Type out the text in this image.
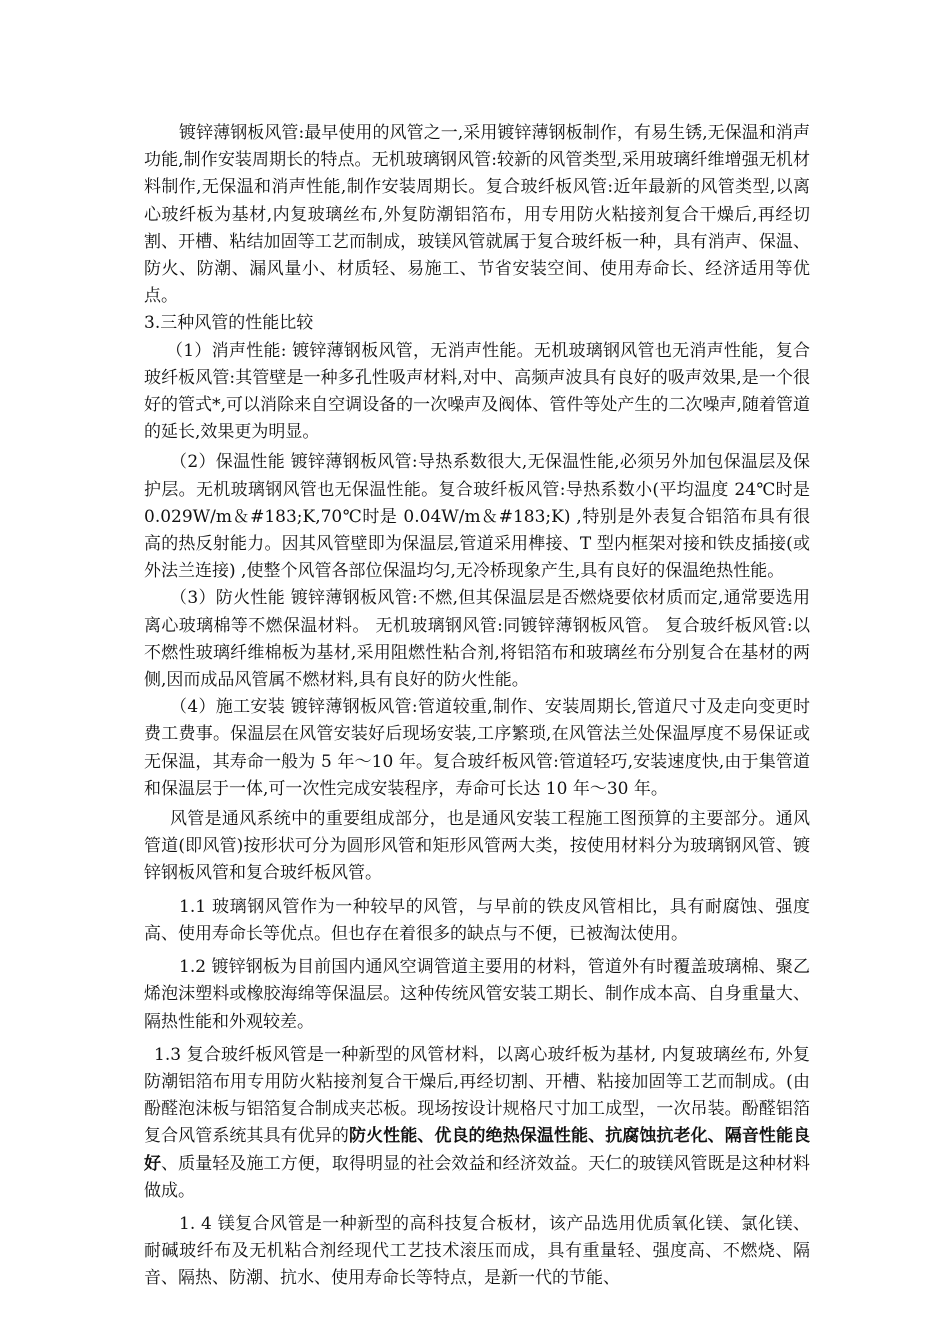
镀锌薄钢板风管:最早使用的风管之一,采用镀锌薄钢板制作，有易生锈,无保温和消声功能,制作安装周期长的特点。无机玻璃钢风管:较新的风管类型,采用玻璃纤维增强无机材料制作,无保温和消声性能,制作安装周期长。复合玻纤板风管:近年最新的风管类型,以离心玻纤板为基材,内复玻璃丝布,外复防潮铝箔布，用专用防火粘接剂复合干燥后,再经切割、开槽、粘结加固等工艺而制成，玻镁风管就属于复合玻纤板一种，具有消声、保温、防火、防潮、漏风量小、材质轻、易施工、节省安装空间、使用寿命长、经济适用等优点。

3.三种风管的性能比较

（1）消声性能: 镀锌薄钢板风管，无消声性能。无机玻璃钢风管也无消声性能，复合玻纤板风管:其管壁是一种多孔性吸声材料,对中、高频声波具有良好的吸声效果,是一个很好的管式*,可以消除来自空调设备的一次噪声及阀体、管件等处产生的二次噪声,随着管道的延长,效果更为明显。

（2）保温性能 镀锌薄钢板风管:导热系数很大,无保温性能,必须另外加包保温层及保护层。无机玻璃钢风管也无保温性能。复合玻纤板风管:导热系数小(平均温度 24℃时是 0.029W/m＆#183;K,70℃时是 0.04W/m＆#183;K) ,特别是外表复合铝箔布具有很高的热反射能力。因其风管壁即为保温层,管道采用榫接、T 型内框架对接和铁皮插接(或外法兰连接) ,使整个风管各部位保温均匀,无冷桥现象产生,具有良好的保温绝热性能。

（3）防火性能 镀锌薄钢板风管:不燃,但其保温层是否燃烧要依材质而定,通常要选用离心玻璃棉等不燃保温材料。 无机玻璃钢风管:同镀锌薄钢板风管。 复合玻纤板风管:以不燃性玻璃纤维棉板为基材,采用阻燃性粘合剂,将铝箔布和玻璃丝布分别复合在基材的两侧,因而成品风管属不燃材料,具有良好的防火性能。

（4）施工安装 镀锌薄钢板风管:管道较重,制作、安装周期长,管道尺寸及走向变更时费工费事。保温层在风管安装好后现场安装,工序繁琐,在风管法兰处保温厚度不易保证或无保温，其寿命一般为 5 年～10 年。复合玻纤板风管:管道轻巧,安装速度快,由于集管道和保温层于一体,可一次性完成安装程序，寿命可长达 10 年～30 年。

风管是通风系统中的重要组成部分，也是通风安装工程施工图预算的主要部分。通风管道(即风管)按形状可分为圆形风管和矩形风管两大类，按使用材料分为玻璃钢风管、镀锌钢板风管和复合玻纤板风管。

1.1 玻璃钢风管作为一种较早的风管，与早前的铁皮风管相比，具有耐腐蚀、强度高、使用寿命长等优点。但也存在着很多的缺点与不便，已被淘汰使用。

1.2 镀锌钢板为目前国内通风空调管道主要用的材料，管道外有时覆盖玻璃棉、聚乙烯泡沫塑料或橡胶海绵等保温层。这种传统风管安装工期长、制作成本高、自身重量大、隔热性能和外观较差。

1.3 复合玻纤板风管是一种新型的风管材料，以离心玻纤板为基材, 内复玻璃丝布, 外复防潮铝箔布用专用防火粘接剂复合干燥后,再经切割、开槽、粘接加固等工艺而制成。(由酚醛泡沫板与铝箔复合制成夹芯板。现场按设计规格尺寸加工成型，一次吊装。酚醛铝箔复合风管系统其具有优异的防火性能、优良的绝热保温性能、抗腐蚀抗老化、隔音性能良好、质量轻及施工方便，取得明显的社会效益和经济效益。天仁的玻镁风管既是这种材料做成。

1. 4 镁复合风管是一种新型的高科技复合板材，该产品选用优质氧化镁、氯化镁、耐碱玻纤布及无机粘合剂经现代工艺技术滚压而成，具有重量轻、强度高、不燃烧、隔音、隔热、防潮、抗水、使用寿命长等特点，是新一代的节能、
